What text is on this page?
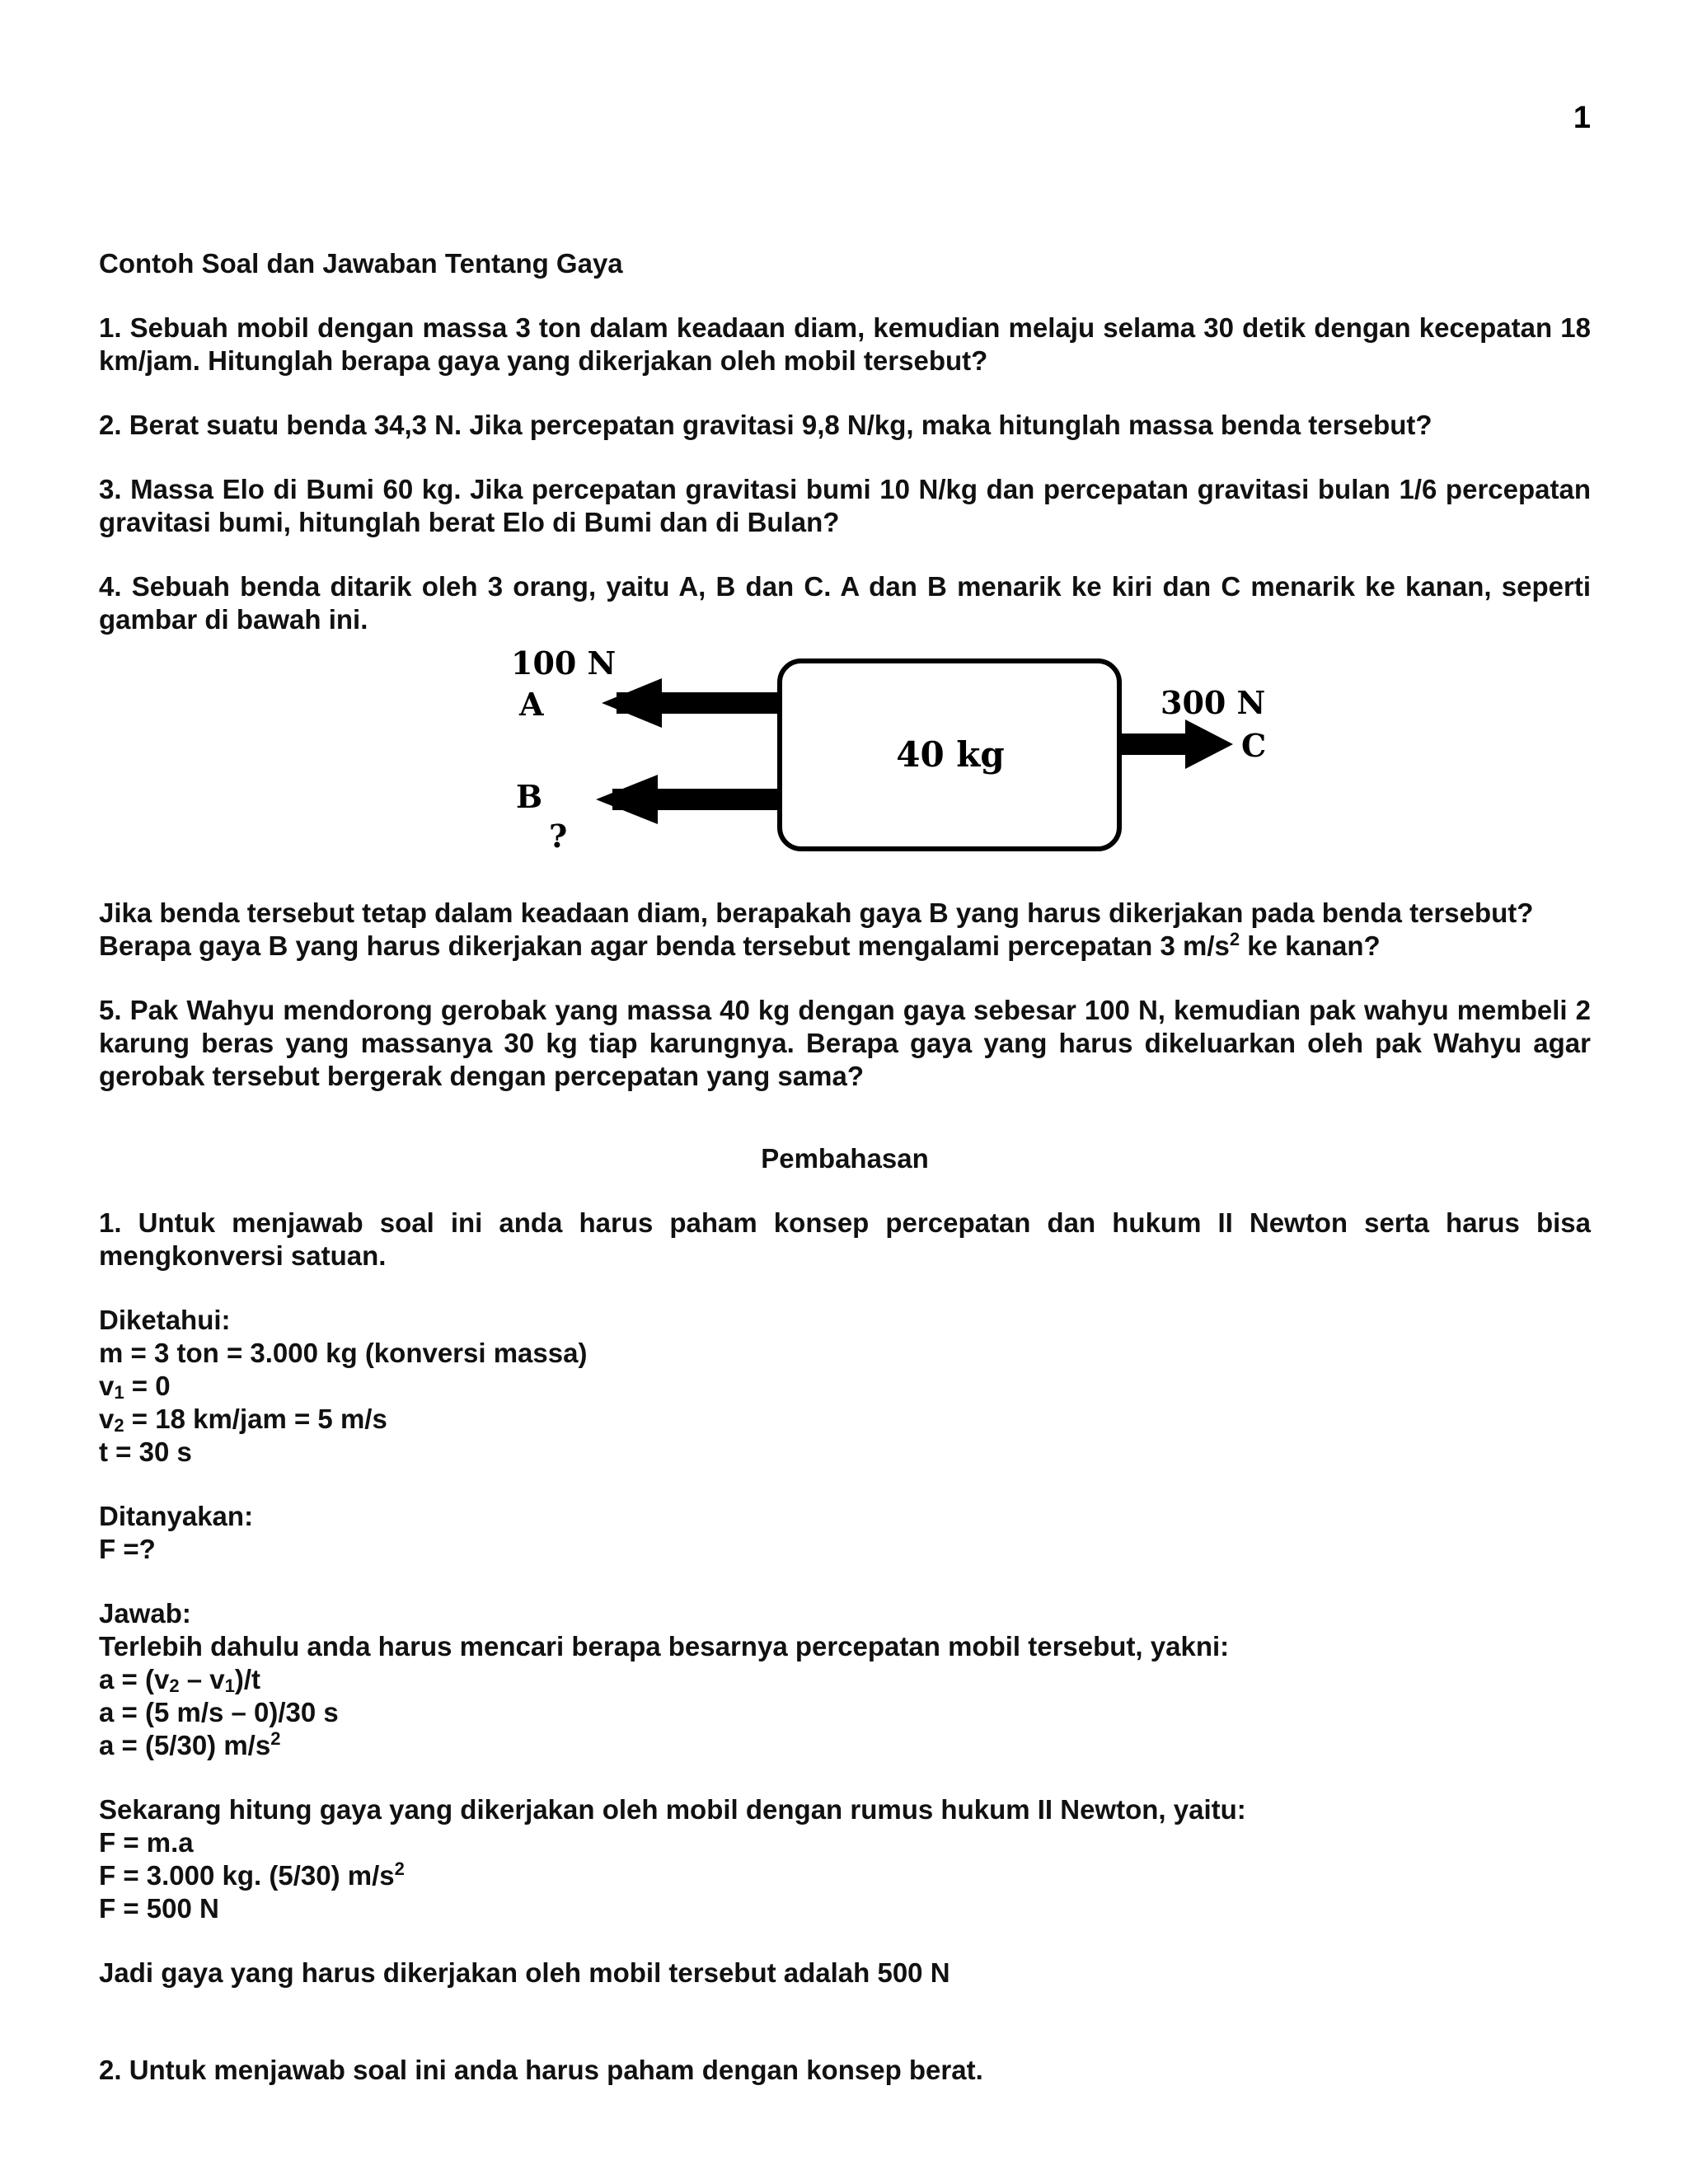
1
Contoh Soal dan Jawaban Tentang Gaya

1. Sebuah mobil dengan massa 3 ton dalam keadaan diam, kemudian melaju selama 30 detik dengan kecepatan 18 km/jam. Hitunglah berapa gaya yang dikerjakan oleh mobil tersebut?

2. Berat suatu benda 34,3 N. Jika percepatan gravitasi 9,8 N/kg, maka hitunglah massa benda tersebut?

3. Massa Elo di Bumi 60 kg. Jika percepatan gravitasi bumi 10 N/kg dan percepatan gravitasi bulan 1/6 percepatan gravitasi bumi, hitunglah berat Elo di Bumi dan di Bulan?

4. Sebuah benda ditarik oleh 3 orang, yaitu A, B dan C. A dan B menarik ke kiri dan C menarik ke kanan, seperti gambar di bawah ini.

40 kg
100 N
A
B
?
300 N
C

Jika benda tersebut tetap dalam keadaan diam, berapakah gaya B yang harus dikerjakan pada benda tersebut?
Berapa gaya B yang harus dikerjakan agar benda tersebut mengalami percepatan 3 $m/s^2$ ke kanan?

5. Pak Wahyu mendorong gerobak yang massa 40 kg dengan gaya sebesar 100 N, kemudian pak wahyu membeli 2 karung beras yang massanya 30 kg tiap karungnya. Berapa gaya yang harus dikeluarkan oleh pak Wahyu agar gerobak tersebut bergerak dengan percepatan yang sama?

Pembahasan

1. Untuk menjawab soal ini anda harus paham konsep percepatan dan hukum II Newton serta harus bisa mengkonversi satuan.

Diketahui:
m = 3 ton = 3.000 kg (konversi massa)
$v_1 = 0$
$v_2 = 18$ km/jam = 5 m/s
t = 30 s
Ditanyakan:
F =?
Jawab:
Terlebih dahulu anda harus mencari berapa besarnya percepatan mobil tersebut, yakni:
$a = (v_2 - v_1)/t$
a = (5 m/s – 0)/30 s
a = (5/30) $m/s^2$
Sekarang hitung gaya yang dikerjakan oleh mobil dengan rumus hukum II Newton, yaitu:
F = m.a
F = 3.000 kg. (5/30) $m/s^2$
F = 500 N

Jadi gaya yang harus dikerjakan oleh mobil tersebut adalah 500 N

2. Untuk menjawab soal ini anda harus paham dengan konsep berat.
